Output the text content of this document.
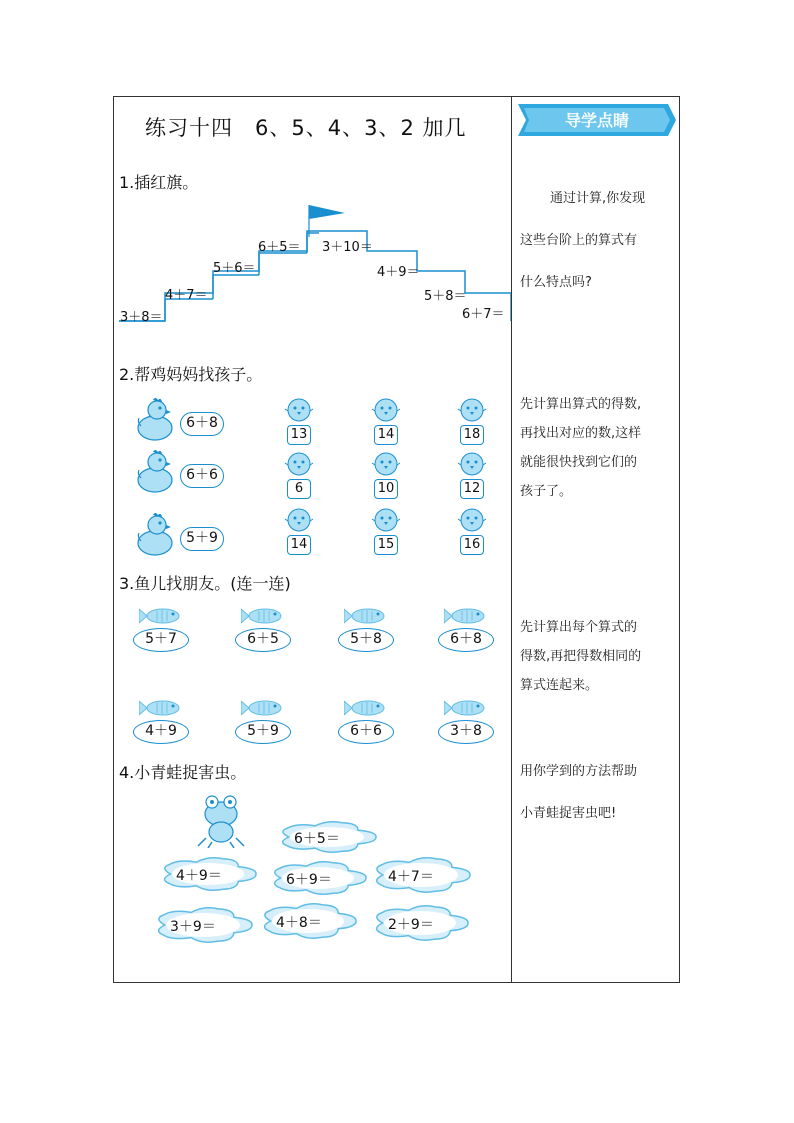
练习十四　6、5、4、3、2 加几	导学点睛
通过计算,你发现
这些台阶上的算式有
什么特点吗?
先计算出算式的得数,
再找出对应的数,这样
就能很快找到它们的
孩子了。
先计算出每个算式的
得数,再把得数相同的
算式连起来。
用你学到的方法帮助
小青蛙捉害虫吧!
1.插红旗。
3＋8＝
4＋7＝
5＋6＝
6＋5＝ 3＋10＝
4＋9＝
5＋8＝
6＋7＝
2.帮鸡妈妈找孩子。
6＋8
6＋6
5＋9
13	14	18
6	10	12
14	15	16
3.鱼儿找朋友。(连一连)
5＋7	6＋5	5＋8	6＋8
4＋9	5＋9	6＋6	3＋8
4.小青蛙捉害虫。
6＋5＝
4＋9＝	6＋9＝	4＋7＝
3＋9＝	4＋8＝	2＋9＝
